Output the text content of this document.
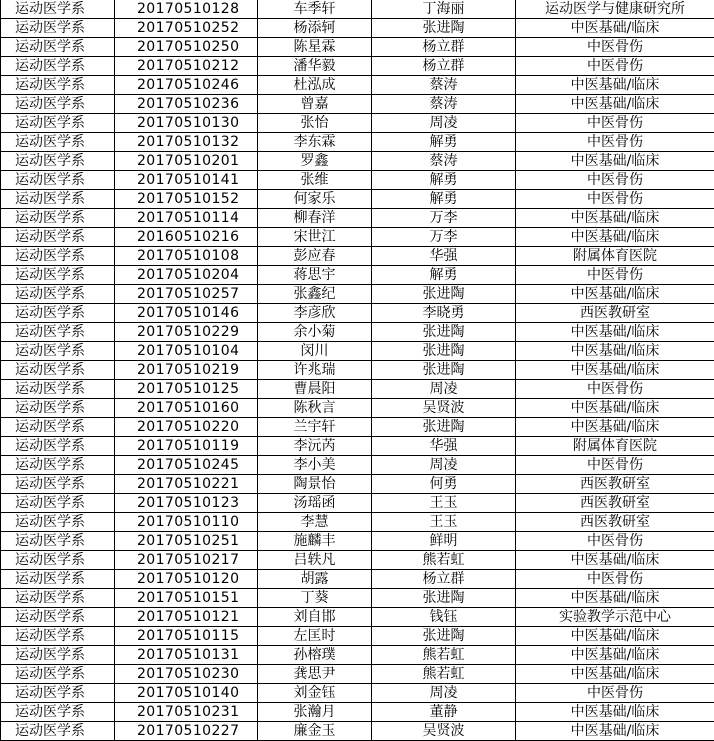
运动医学系	20170510128	车季轩	丁海丽	运动医学与健康研究所
运动医学系	20170510252	杨添轲	张进陶	中医基础/临床
运动医学系	20170510250	陈星霖	杨立群	中医骨伤
运动医学系	20170510212	潘华毅	杨立群	中医骨伤
运动医学系	20170510246	杜泓成	蔡涛	中医基础/临床
运动医学系	20170510236	曾嘉	蔡涛	中医基础/临床
运动医学系	20170510130	张怡	周凌	中医骨伤
运动医学系	20170510132	李东霖	解勇	中医骨伤
运动医学系	20170510201	罗鑫	蔡涛	中医基础/临床
运动医学系	20170510141	张维	解勇	中医骨伤
运动医学系	20170510152	何家乐	解勇	中医骨伤
运动医学系	20170510114	柳春洋	万李	中医基础/临床
运动医学系	20160510216	宋世江	万李	中医基础/临床
运动医学系	20170510108	彭应春	华强	附属体育医院
运动医学系	20170510204	蒋思宇	解勇	中医骨伤
运动医学系	20170510257	张鑫纪	张进陶	中医基础/临床
运动医学系	20170510146	李彦欣	李晓勇	西医教研室
运动医学系	20170510229	余小菊	张进陶	中医基础/临床
运动医学系	20170510104	闵川	张进陶	中医基础/临床
运动医学系	20170510219	许兆瑞	张进陶	中医基础/临床
运动医学系	20170510125	曹晨阳	周凌	中医骨伤
运动医学系	20170510160	陈秋言	吴贤波	中医基础/临床
运动医学系	20170510220	兰宇轩	张进陶	中医基础/临床
运动医学系	20170510119	李沅芮	华强	附属体育医院
运动医学系	20170510245	李小美	周凌	中医骨伤
运动医学系	20170510221	陶景怡	何勇	西医教研室
运动医学系	20170510123	汤瑶函	王玉	西医教研室
运动医学系	20170510110	李慧	王玉	西医教研室
运动医学系	20170510251	施麟丰	鲜明	中医骨伤
运动医学系	20170510217	吕轶凡	熊若虹	中医基础/临床
运动医学系	20170510120	胡露	杨立群	中医骨伤
运动医学系	20170510151	丁葵	张进陶	中医基础/临床
运动医学系	20170510121	刘自邯	钱钰	实验教学示范中心
运动医学系	20170510115	左匡时	张进陶	中医基础/临床
运动医学系	20170510131	孙榕璞	熊若虹	中医基础/临床
运动医学系	20170510230	龚思尹	熊若虹	中医基础/临床
运动医学系	20170510140	刘金钰	周凌	中医骨伤
运动医学系	20170510231	张瀚月	董静	中医基础/临床
运动医学系	20170510227	廉金玉	吴贤波	中医基础/临床
